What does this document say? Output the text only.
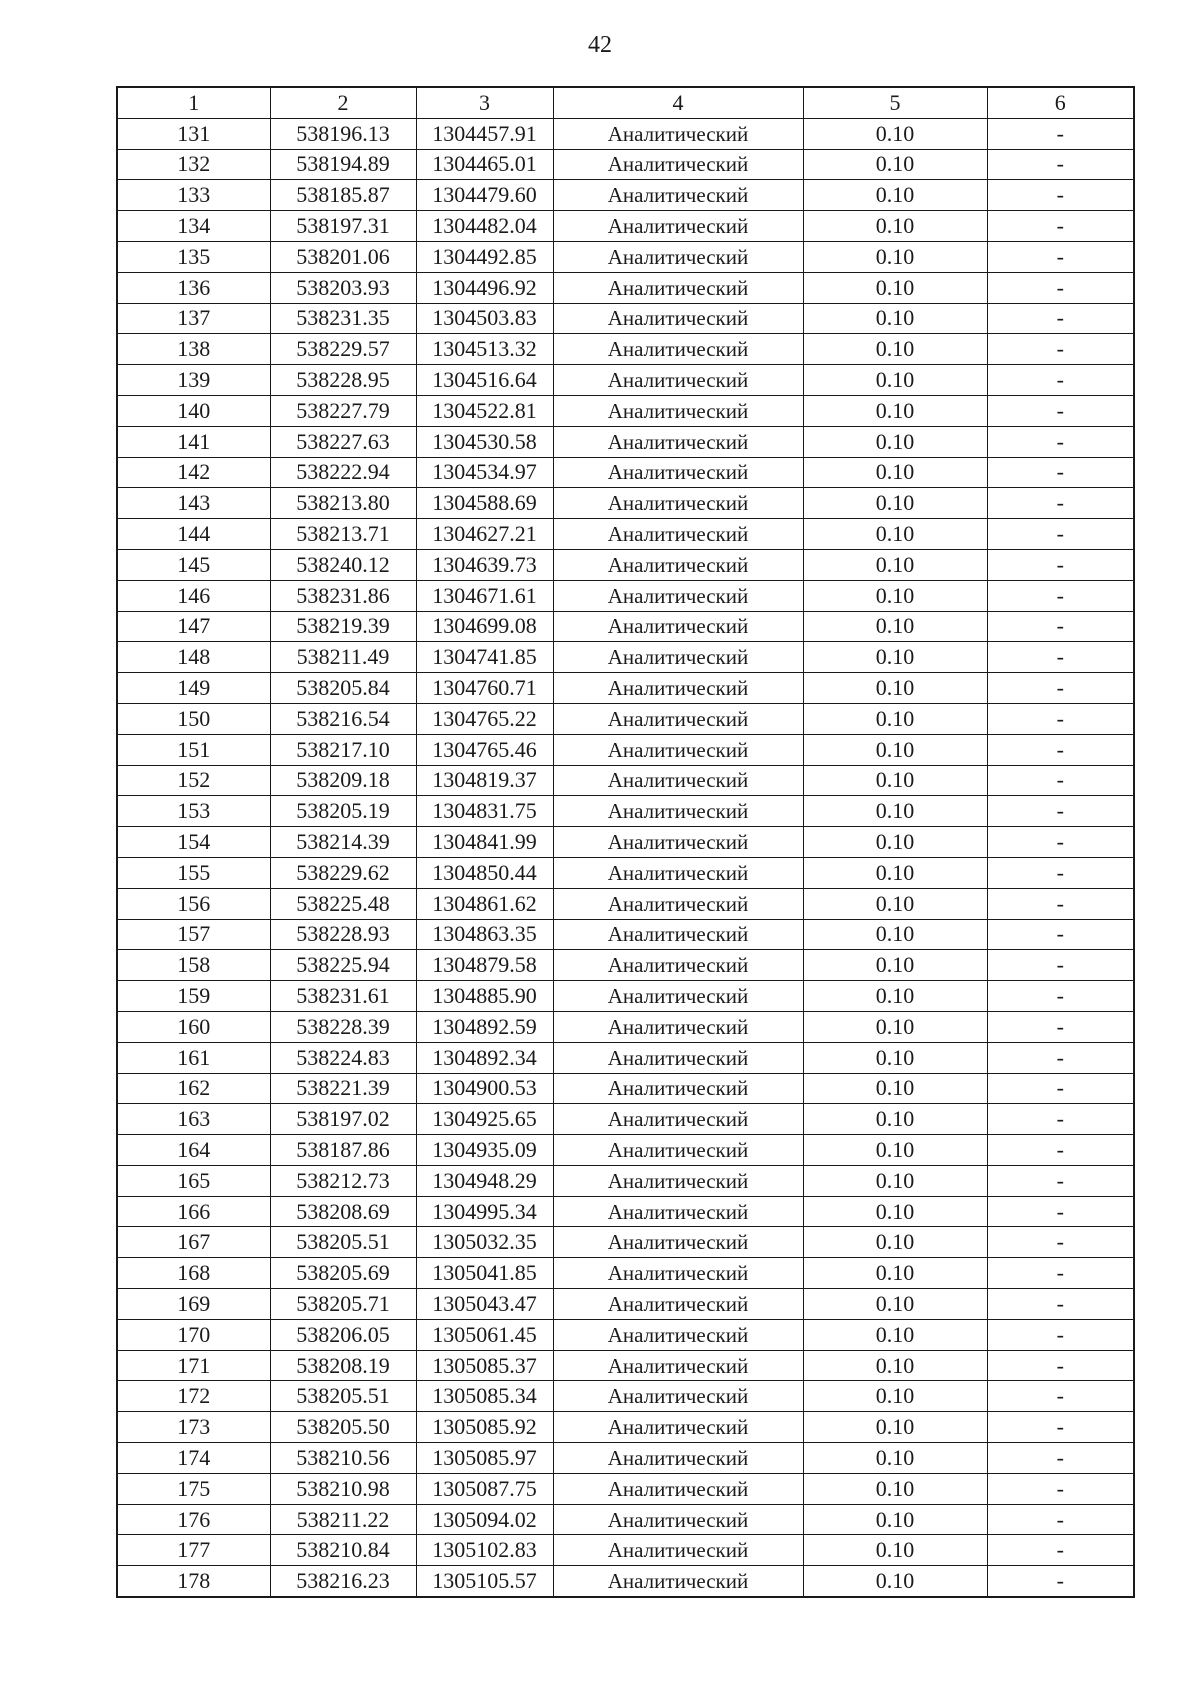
42
1	2	3	4	5	6
131	538196.13	1304457.91	Аналитический	0.10	-
132	538194.89	1304465.01	Аналитический	0.10	-
133	538185.87	1304479.60	Аналитический	0.10	-
134	538197.31	1304482.04	Аналитический	0.10	-
135	538201.06	1304492.85	Аналитический	0.10	-
136	538203.93	1304496.92	Аналитический	0.10	-
137	538231.35	1304503.83	Аналитический	0.10	-
138	538229.57	1304513.32	Аналитический	0.10	-
139	538228.95	1304516.64	Аналитический	0.10	-
140	538227.79	1304522.81	Аналитический	0.10	-
141	538227.63	1304530.58	Аналитический	0.10	-
142	538222.94	1304534.97	Аналитический	0.10	-
143	538213.80	1304588.69	Аналитический	0.10	-
144	538213.71	1304627.21	Аналитический	0.10	-
145	538240.12	1304639.73	Аналитический	0.10	-
146	538231.86	1304671.61	Аналитический	0.10	-
147	538219.39	1304699.08	Аналитический	0.10	-
148	538211.49	1304741.85	Аналитический	0.10	-
149	538205.84	1304760.71	Аналитический	0.10	-
150	538216.54	1304765.22	Аналитический	0.10	-
151	538217.10	1304765.46	Аналитический	0.10	-
152	538209.18	1304819.37	Аналитический	0.10	-
153	538205.19	1304831.75	Аналитический	0.10	-
154	538214.39	1304841.99	Аналитический	0.10	-
155	538229.62	1304850.44	Аналитический	0.10	-
156	538225.48	1304861.62	Аналитический	0.10	-
157	538228.93	1304863.35	Аналитический	0.10	-
158	538225.94	1304879.58	Аналитический	0.10	-
159	538231.61	1304885.90	Аналитический	0.10	-
160	538228.39	1304892.59	Аналитический	0.10	-
161	538224.83	1304892.34	Аналитический	0.10	-
162	538221.39	1304900.53	Аналитический	0.10	-
163	538197.02	1304925.65	Аналитический	0.10	-
164	538187.86	1304935.09	Аналитический	0.10	-
165	538212.73	1304948.29	Аналитический	0.10	-
166	538208.69	1304995.34	Аналитический	0.10	-
167	538205.51	1305032.35	Аналитический	0.10	-
168	538205.69	1305041.85	Аналитический	0.10	-
169	538205.71	1305043.47	Аналитический	0.10	-
170	538206.05	1305061.45	Аналитический	0.10	-
171	538208.19	1305085.37	Аналитический	0.10	-
172	538205.51	1305085.34	Аналитический	0.10	-
173	538205.50	1305085.92	Аналитический	0.10	-
174	538210.56	1305085.97	Аналитический	0.10	-
175	538210.98	1305087.75	Аналитический	0.10	-
176	538211.22	1305094.02	Аналитический	0.10	-
177	538210.84	1305102.83	Аналитический	0.10	-
178	538216.23	1305105.57	Аналитический	0.10	-
